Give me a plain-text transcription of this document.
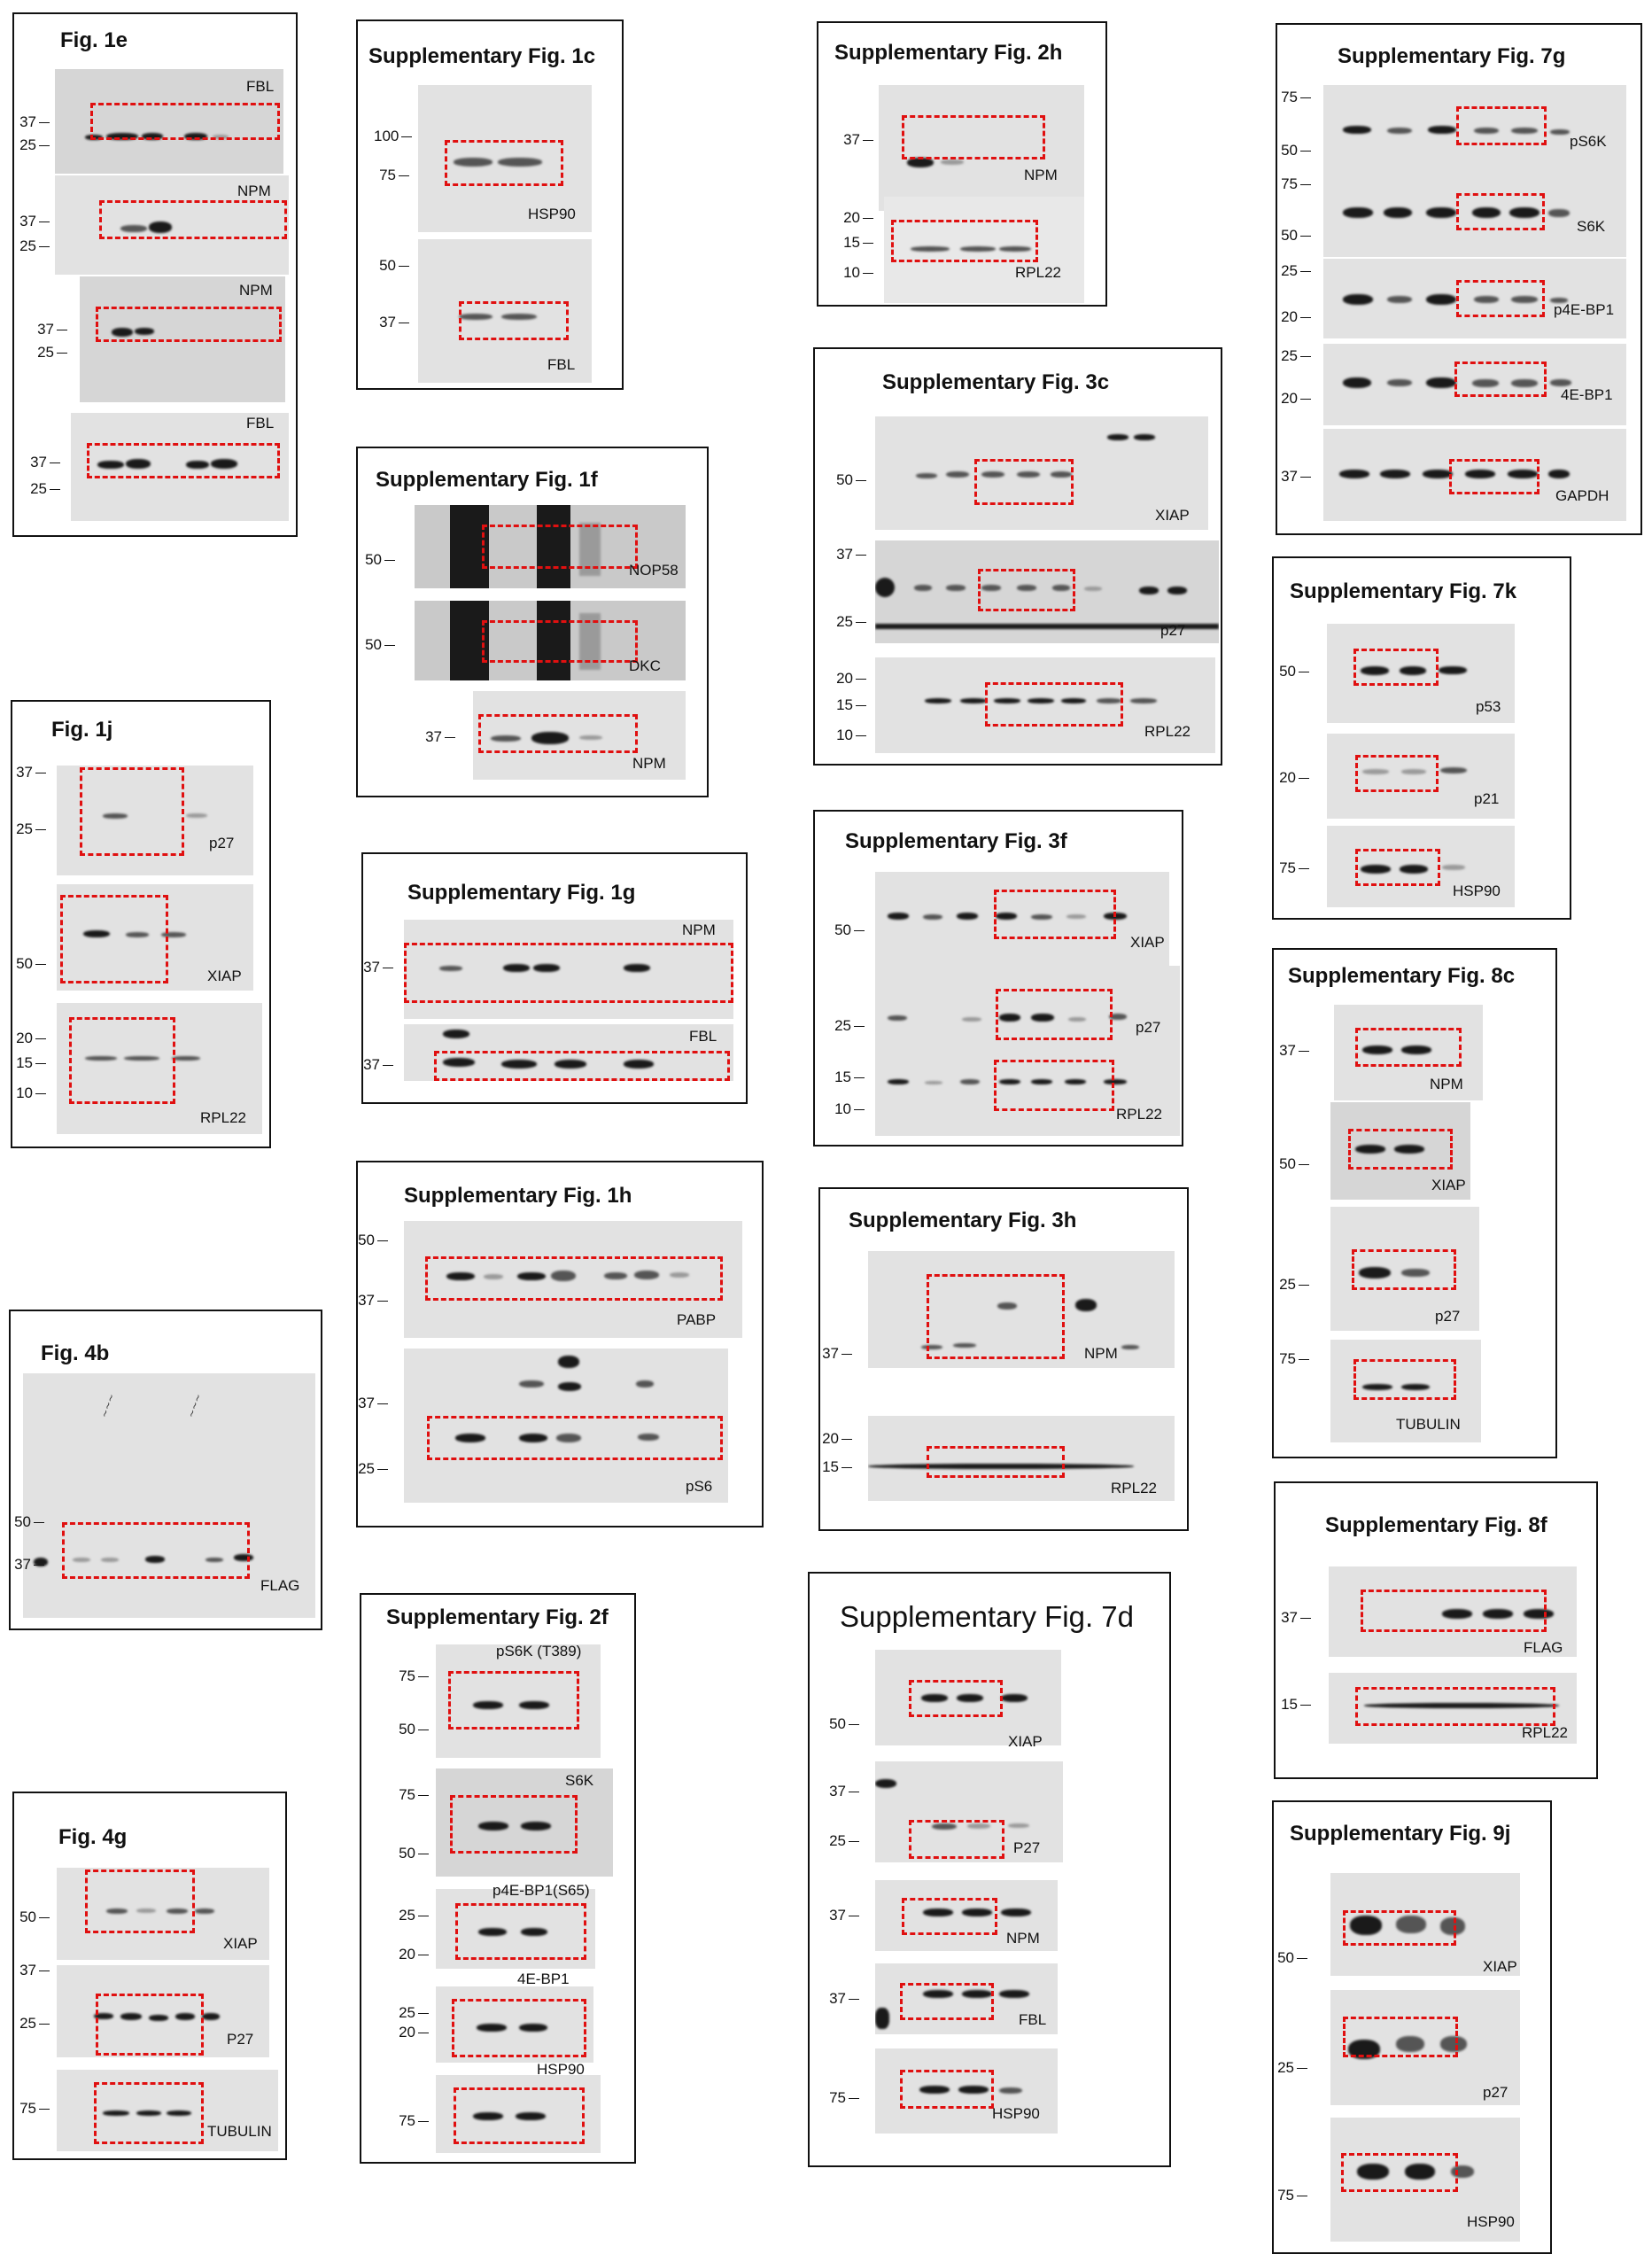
Fig. 1e
FBL
37
25
NPM
37
25
NPM
37
25
FBL
37
25
Fig. 1j
p27
37
25
XIAP
50
RPL22
20
15
10
Fig. 4b
~~~	~~~
FLAG
50
37
Fig. 4g
XIAP
50
P27
37
25
TUBULIN
75
Supplementary Fig. 1c
HSP90
100
75
FBL
50
37
Supplementary Fig. 1f
NOP58
50
DKC
50
NPM
37
Supplementary Fig. 1g
NPM
37
FBL
37
Supplementary Fig. 1h
PABP
50
37
pS6
37
25
Supplementary Fig. 2f
pS6K (T389)
75
50
S6K
75
50
p4E-BP1(S65)
25
20
4E-BP1
25
20
HSP90
75
Supplementary Fig. 2h
NPM
37
RPL22
20
15
10
Supplementary Fig. 3c
XIAP
50
p27
37
25
RPL22
20
15
10
Supplementary Fig. 3f
XIAP
50
p27
25
RPL22
15
10
Supplementary Fig. 3h
NPM
37
RPL22
20
15
Supplementary Fig. 7d
XIAP
50
P27
37
25
NPM
37
FBL
37
HSP90
75
Supplementary Fig. 7g
pS6K
75
50
S6K
75
50
p4E-BP1
25
20
4E-BP1
25
20
GAPDH
37
Supplementary Fig. 7k
p53
50
p21
20
HSP90
75
Supplementary Fig. 8c
NPM
37
XIAP
50
p27
25
TUBULIN
75
Supplementary Fig. 8f
FLAG
37
RPL22
15
Supplementary Fig. 9j
XIAP
50
p27
25
HSP90
75
